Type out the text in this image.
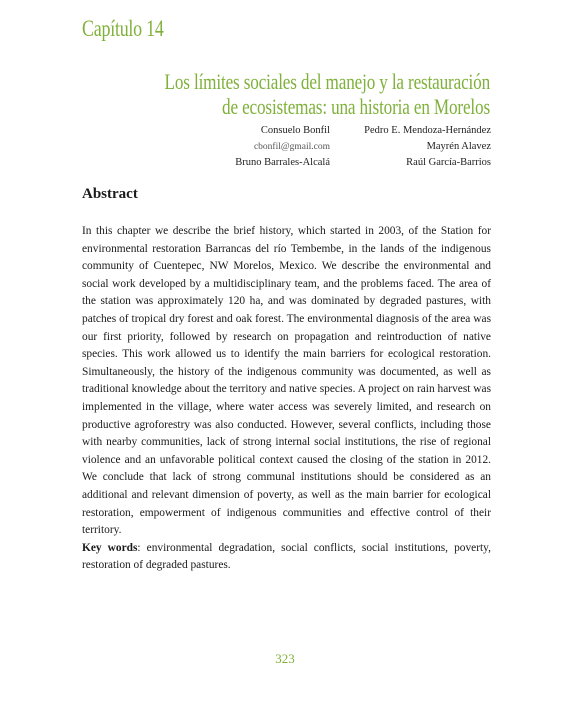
Capítulo 14
Los límites sociales del manejo y la restauración
de ecosistemas: una historia en Morelos
Consuelo Bonfil	Pedro E. Mendoza-Hernández
cbonfil@gmail.com	Mayrén Alavez
Bruno Barrales-Alcalá	Raúl García-Barrios
Abstract

In this chapter we describe the brief history, which started in 2003, of the Station for environmental restoration Barrancas del río Tembembe, in the lands of the indigenous community of Cuentepec, NW Morelos, Mexico. We describe the environmental and social work developed by a multidisciplinary team, and the problems faced. The area of the station was approximately 120 ha, and was dominated by degraded pastures, with patches of tropical dry forest and oak forest. The environmental diagnosis of the area was our first priority, followed by research on propagation and reintroduction of native species. This work allowed us to identify the main barriers for ecological restoration. Simultaneously, the history of the indigenous community was documented, as well as traditional knowledge about the territory and native species. A project on rain harvest was implemented in the village, where water access was severely limited, and research on productive agroforestry was also conducted. However, several conflicts, including those with nearby communities, lack of strong internal social institutions, the rise of regional violence and an unfavorable political context caused the closing of the station in 2012. We conclude that lack of strong communal institutions should be considered as an additional and relevant dimension of poverty, as well as the main barrier for ecological restoration, empowerment of indigenous communities and effective control of their territory.

Key words: environmental degradation, social conflicts, social institutions, poverty, restoration of degraded pastures.

323
